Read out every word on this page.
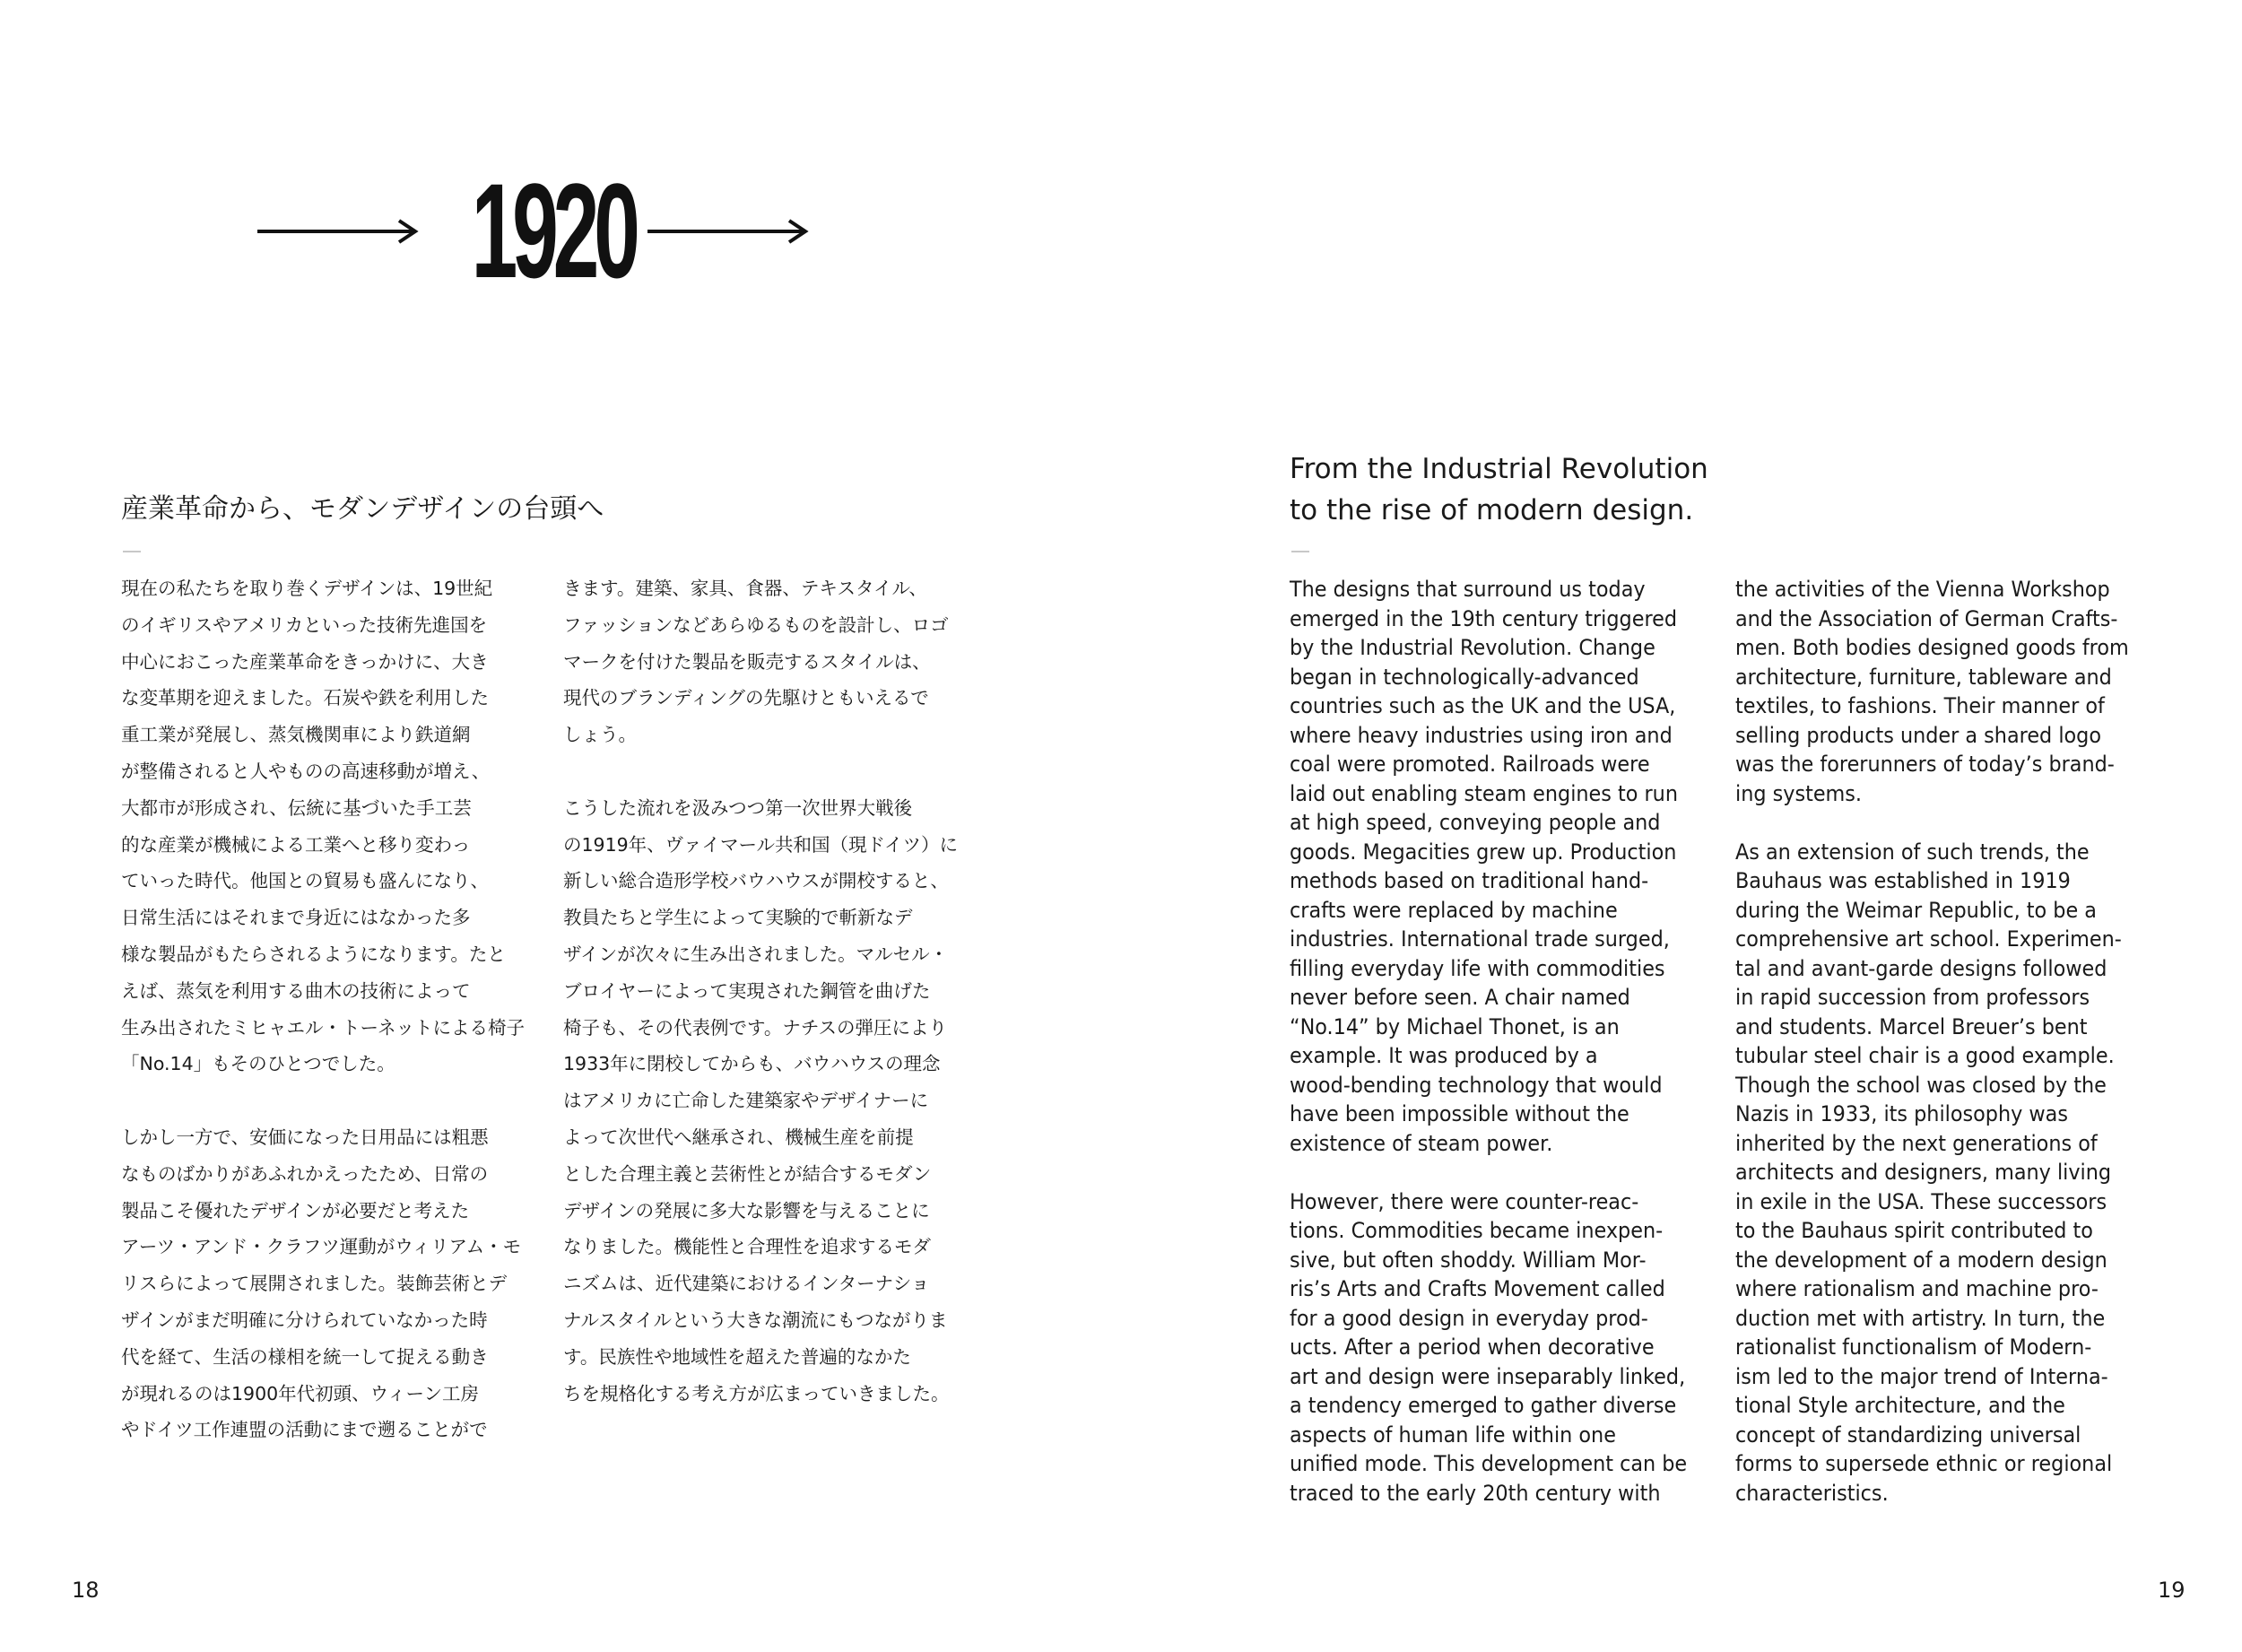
1920
産業革命から、モダンデザインの台頭へ
現在の私たちを取り巻くデザインは、19世紀
のイギリスやアメリカといった技術先進国を
中心におこった産業革命をきっかけに、大き
な変革期を迎えました。石炭や鉄を利用した
重工業が発展し、蒸気機関車により鉄道網
が整備されると人やものの高速移動が増え、
大都市が形成され、伝統に基づいた手工芸
的な産業が機械による工業へと移り変わっ
ていった時代。他国との貿易も盛んになり、
日常生活にはそれまで身近にはなかった多
様な製品がもたらされるようになります。たと
えば、蒸気を利用する曲木の技術によって
生み出されたミヒャエル・トーネットによる椅子
「No.14」もそのひとつでした。
しかし一方で、安価になった日用品には粗悪
なものばかりがあふれかえったため、日常の
製品こそ優れたデザインが必要だと考えた
アーツ・アンド・クラフツ運動がウィリアム・モ
リスらによって展開されました。装飾芸術とデ
ザインがまだ明確に分けられていなかった時
代を経て、生活の様相を統一して捉える動き
が現れるのは1900年代初頭、ウィーン工房
やドイツ工作連盟の活動にまで遡ることがで
きます。建築、家具、食器、テキスタイル、
ファッションなどあらゆるものを設計し、ロゴ
マークを付けた製品を販売するスタイルは、
現代のブランディングの先駆けともいえるで
しょう。
こうした流れを汲みつつ第一次世界大戦後
の1919年、ヴァイマール共和国（現ドイツ）に
新しい総合造形学校バウハウスが開校すると、
教員たちと学生によって実験的で斬新なデ
ザインが次々に生み出されました。マルセル・
ブロイヤーによって実現された鋼管を曲げた
椅子も、その代表例です。ナチスの弾圧により
1933年に閉校してからも、バウハウスの理念
はアメリカに亡命した建築家やデザイナーに
よって次世代へ継承され、機械生産を前提
とした合理主義と芸術性とが結合するモダン
デザインの発展に多大な影響を与えることに
なりました。機能性と合理性を追求するモダ
ニズムは、近代建築におけるインターナショ
ナルスタイルという大きな潮流にもつながりま
す。民族性や地域性を超えた普遍的なかた
ちを規格化する考え方が広まっていきました。
18
From the Industrial Revolution
to the rise of modern design.
The designs that surround us today
emerged in the 19th century triggered
by the Industrial Revolution. Change
began in technologically-advanced
countries such as the UK and the USA,
where heavy industries using iron and
coal were promoted. Railroads were
laid out enabling steam engines to run
at high speed, conveying people and
goods. Megacities grew up. Production
methods based on traditional hand-
crafts were replaced by machine
industries. International trade surged,
filling everyday life with commodities
never before seen. A chair named
“No.14” by Michael Thonet, is an
example. It was produced by a
wood-bending technology that would
have been impossible without the
existence of steam power.
However, there were counter-reac-
tions. Commodities became inexpen-
sive, but often shoddy. William Mor-
ris’s Arts and Crafts Movement called
for a good design in everyday prod-
ucts. After a period when decorative
art and design were inseparably linked,
a tendency emerged to gather diverse
aspects of human life within one
unified mode. This development can be
traced to the early 20th century with
the activities of the Vienna Workshop
and the Association of German Crafts-
men. Both bodies designed goods from
architecture, furniture, tableware and
textiles, to fashions. Their manner of
selling products under a shared logo
was the forerunners of today’s brand-
ing systems.
As an extension of such trends, the
Bauhaus was established in 1919
during the Weimar Republic, to be a
comprehensive art school. Experimen-
tal and avant-garde designs followed
in rapid succession from professors
and students. Marcel Breuer’s bent
tubular steel chair is a good example.
Though the school was closed by the
Nazis in 1933, its philosophy was
inherited by the next generations of
architects and designers, many living
in exile in the USA. These successors
to the Bauhaus spirit contributed to
the development of a modern design
where rationalism and machine pro-
duction met with artistry. In turn, the
rationalist functionalism of Modern-
ism led to the major trend of Interna-
tional Style architecture, and the
concept of standardizing universal
forms to supersede ethnic or regional
characteristics.
19
